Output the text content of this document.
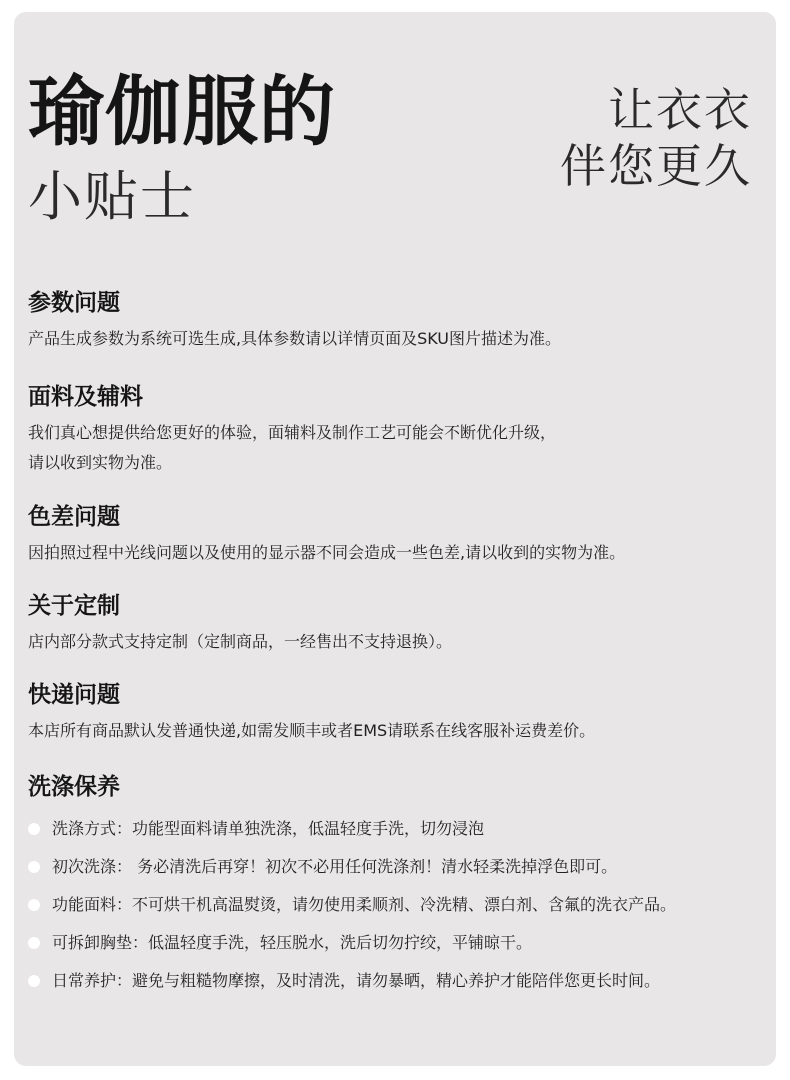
瑜伽服的
小贴士
让衣衣
伴您更久
参数问题
产品生成参数为系统可选生成,具体参数请以详情页面及SKU图片描述为准。
面料及辅料
我们真心想提供给您更好的体验，面辅料及制作工艺可能会不断优化升级，
请以收到实物为准。
色差问题
因拍照过程中光线问题以及使用的显示器不同会造成一些色差,请以收到的实物为准。
关于定制
店内部分款式支持定制（定制商品，一经售出不支持退换）。
快递问题
本店所有商品默认发普通快递,如需发顺丰或者EMS请联系在线客服补运费差价。
洗涤保养
洗涤方式：功能型面料请单独洗涤，低温轻度手洗，切勿浸泡
初次洗涤： 务必清洗后再穿！初次不必用任何洗涤剂！清水轻柔洗掉浮色即可。
功能面料：不可烘干机高温熨烫，请勿使用柔顺剂、冷洗精、漂白剂、含氟的洗衣产品。
可拆卸胸垫：低温轻度手洗，轻压脱水，洗后切勿拧绞，平铺晾干。
日常养护：避免与粗糙物摩擦，及时清洗，请勿暴晒，精心养护才能陪伴您更长时间。
